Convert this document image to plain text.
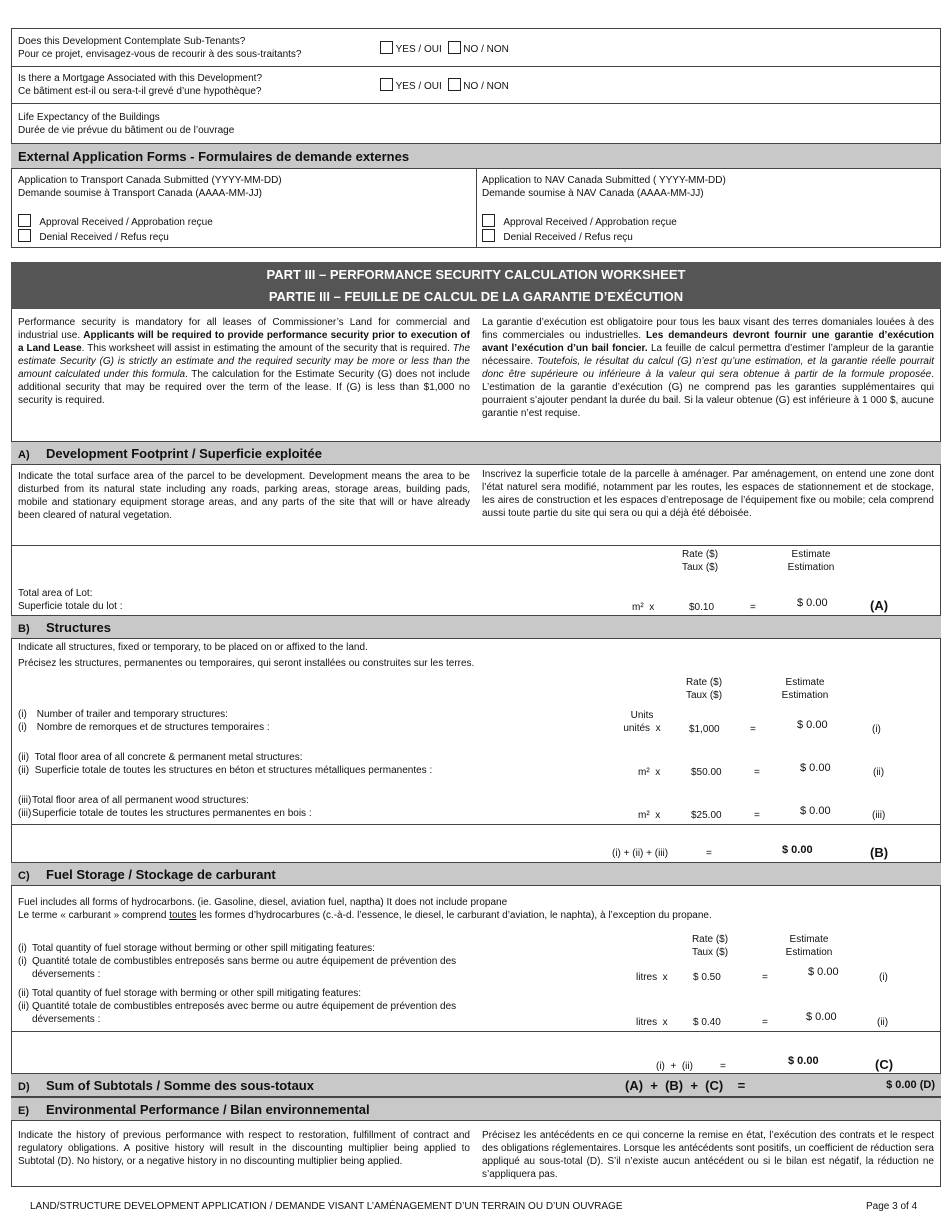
Does this Development Contemplate Sub-Tenants?
Pour ce projet, envisagez-vous de recourir à des sous-traitants?	YES / OUI NO / NON
Is there a Mortgage Associated with this Development?
Ce bâtiment est-il ou sera-t-il grevé d’une hypothèque?	YES / OUI NO / NON
Life Expectancy of the Buildings
Durée de vie prévue du bâtiment ou de l’ouvrage
External Application Forms - Formulaires de demande externes
Application to Transport Canada Submitted (YYYY-MM-DD)
Demande soumise à Transport Canada (AAAA-MM-JJ)
Approval Received / Approbation reçue
Denial Received / Refus reçu
Application to NAV Canada Submitted ( YYYY-MM-DD)
Demande soumise à NAV Canada (AAAA-MM-JJ)
Approval Received / Approbation reçue
Denial Received / Refus reçu
PART III – PERFORMANCE SECURITY CALCULATION WORKSHEET
PARTIE III – FEUILLE DE CALCUL DE LA GARANTIE D’EXÉCUTION
Performance security is mandatory for all leases of Commissioner’s Land for commercial and industrial use. Applicants will be required to provide performance security prior to execution of a Land Lease. This worksheet will assist in estimating the amount of the security that is required. The estimate Security (G) is strictly an estimate and the required security may be more or less than the amount calculated under this formula. The calculation for the Estimate Security (G) does not include additional security that may be required over the term of the lease. If (G) is less than $1,000 no security is required.
La garantie d’exécution est obligatoire pour tous les baux visant des terres domaniales louées à des fins commerciales ou industrielles. Les demandeurs devront fournir une garantie d’exécution avant l’exécution d’un bail foncier. La feuille de calcul permettra d’estimer l’ampleur de la garantie nécessaire. Toutefois, le résultat du calcul (G) n’est qu’une estimation, et la garantie réelle pourrait donc être supérieure ou inférieure à la valeur qui sera obtenue à partir de la formule proposée. L’estimation de la garantie d’exécution (G) ne comprend pas les garanties supplémentaires qui pourraient s’ajouter pendant la durée du bail. Si la valeur obtenue (G) est inférieure à 1 000 $, aucune garantie n’est requise.
A) Development Footprint / Superficie exploitée
Indicate the total surface area of the parcel to be development. Development means the area to be disturbed from its natural state including any roads, parking areas, storage areas, building pads, mobile and stationary equipment storage areas, and any parts of the site that will or have already been cleared of natural vegetation.
Inscrivez la superficie totale de la parcelle à aménager. Par aménagement, on entend une zone dont l’état naturel sera modifié, notamment par les routes, les espaces de stationnement et de stockage, les aires de construction et les espaces d’entreposage de l’équipement fixe ou mobile; cela comprend aussi toute partie du site qui sera ou qui a déjà été déboisée.
Rate ($)
Taux ($)
Estimate
Estimation
Total area of Lot:
Superficie totale du lot :	m²  x	$0.10	=	$ 0.00	(A)
B) Structures
Indicate all structures, fixed or temporary, to be placed on or affixed to the land.
Précisez les structures, permanentes ou temporaires, qui seront installées ou construites sur les terres.
Rate ($)
Taux ($)
Estimate
Estimation
(i) Number of trailer and temporary structures:
(i) Nombre de remorques et de structures temporaires :
Units
unités  x	$1,000	=	$ 0.00	(i)
(ii) Total floor area of all concrete & permanent metal structures:
(ii) Superficie totale de toutes les structures en béton et structures métalliques permanentes :	m²  x	$50.00	=	$ 0.00	(ii)
(iii)Total floor area of all permanent wood structures:
(iii)Superficie totale de toutes les structures permanentes en bois :	m²  x	$25.00	=	$ 0.00	(iii)
(i) + (ii) + (iii)	=	$ 0.00	(B)
C) Fuel Storage / Stockage de carburant
Fuel includes all forms of hydrocarbons. (ie. Gasoline, diesel, aviation fuel, naptha) It does not include propane
Le terme « carburant » comprend toutes les formes d’hydrocarbures (c.-à-d. l’essence, le diesel, le carburant d’aviation, le naphta), à l’exception du propane.
Rate ($)
Taux ($)
Estimate
Estimation
(i) Total quantity of fuel storage without berming or other spill mitigating features:
(i) Quantité totale de combustibles entreposés sans berme ou autre équipement de prévention des déversements :	litres  x	$ 0.50	=	$ 0.00	(i)
(ii) Total quantity of fuel storage with berming or other spill mitigating features:
(ii) Quantité totale de combustibles entreposés avec berme ou autre équipement de prévention des déversements :	litres  x	$ 0.40	=	$ 0.00	(ii)
(i)  +  (ii)	=	$ 0.00	(C)
D) Sum of Subtotals / Somme des sous-totaux	(A)  +  (B)  +  (C)    =	$ 0.00 (D)
E) Environmental Performance / Bilan environnemental
Indicate the history of previous performance with respect to restoration, fulfillment of contract and regulatory obligations. A positive history will result in the discounting multiplier being applied to Subtotal (D). No history, or a negative history in no discounting multiplier being applied.
Précisez les antécédents en ce qui concerne la remise en état, l’exécution des contrats et le respect des obligations réglementaires. Lorsque les antécédents sont positifs, un coefficient de réduction sera appliqué au sous-total (D). S’il n’existe aucun antécédent ou si le bilan est négatif, la réduction ne s’appliquera pas.
LAND/STRUCTURE DEVELOPMENT APPLICATION / DEMANDE VISANT L’AMÉNAGEMENT D’UN TERRAIN OU D’UN OUVRAGE	Page 3 of 4
